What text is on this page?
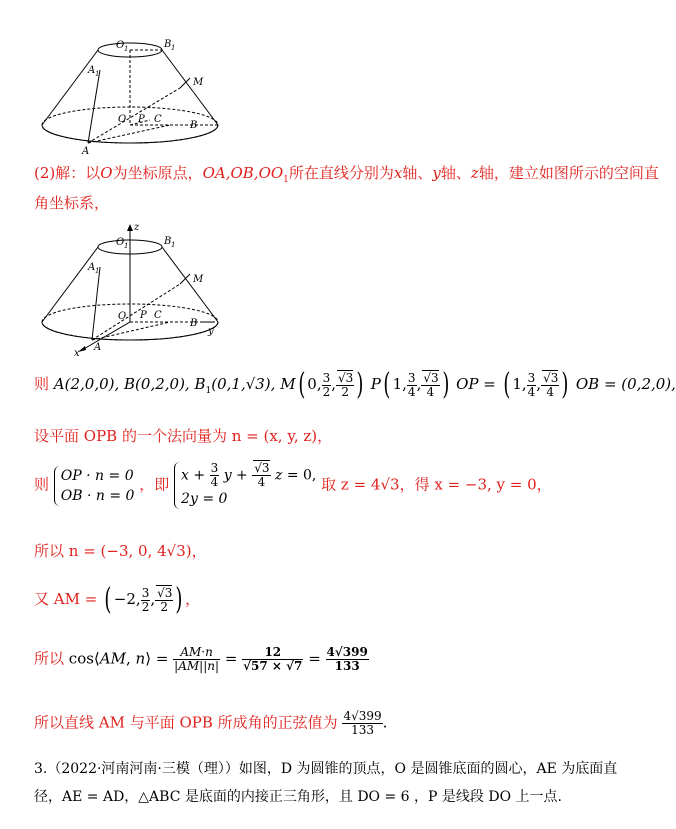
O 1	B 1
A 1
M
O P C
A
B
(2)解：以O为坐标原点，$OA,OB,OO_1$所在直线分别为x轴、y轴、z轴，建立如图所示的空间直
角坐标系，
z
O 1	B 1
A 1
M
O P C
A
B
x
y
则 A(2,0,0), B(0,2,0), $B_1(0,1,√3)$, M( 0, $\frac{3}{2}$ , $\frac{√3}{2}$ ) P( 1, $\frac{3}{4}$ , $\frac{√3}{4}$ ) OP = ( 1, $\frac{3}{4}$ , $\frac{√3}{4}$ ) OB = (0,2,0),
设平面 OPB 的一个法向量为 n = (x, y, z)，
则 OP · n = 0
OB · n = 0 ，即 $x + \frac{3}{4}$ $y + \frac{√3}{4}$ z = 0,
2y = 0 取 z = 4√3，得 x = −3, y = 0，
所以 n = (−3, 0, 4√3)，
又 AM = ( −2, $\frac{3}{2}$ , $\frac{√3}{2}$ ) ，
所以 cos⟨AM, n⟩ = $\frac{AM\cdot n}{|AM||n|} = \frac{12}{√57 \times √7} = \frac{4√399}{133}$
所以直线 AM 与平面 OPB 所成角的正弦值为 $\frac{4√399}{133}$ .
3.（2022·河南河南·三模（理））如图，D 为圆锥的顶点，O 是圆锥底面的圆心，AE 为底面直
径，AE = AD，△ABC 是底面的内接正三角形，且 DO = 6 ，P 是线段 DO 上一点.
